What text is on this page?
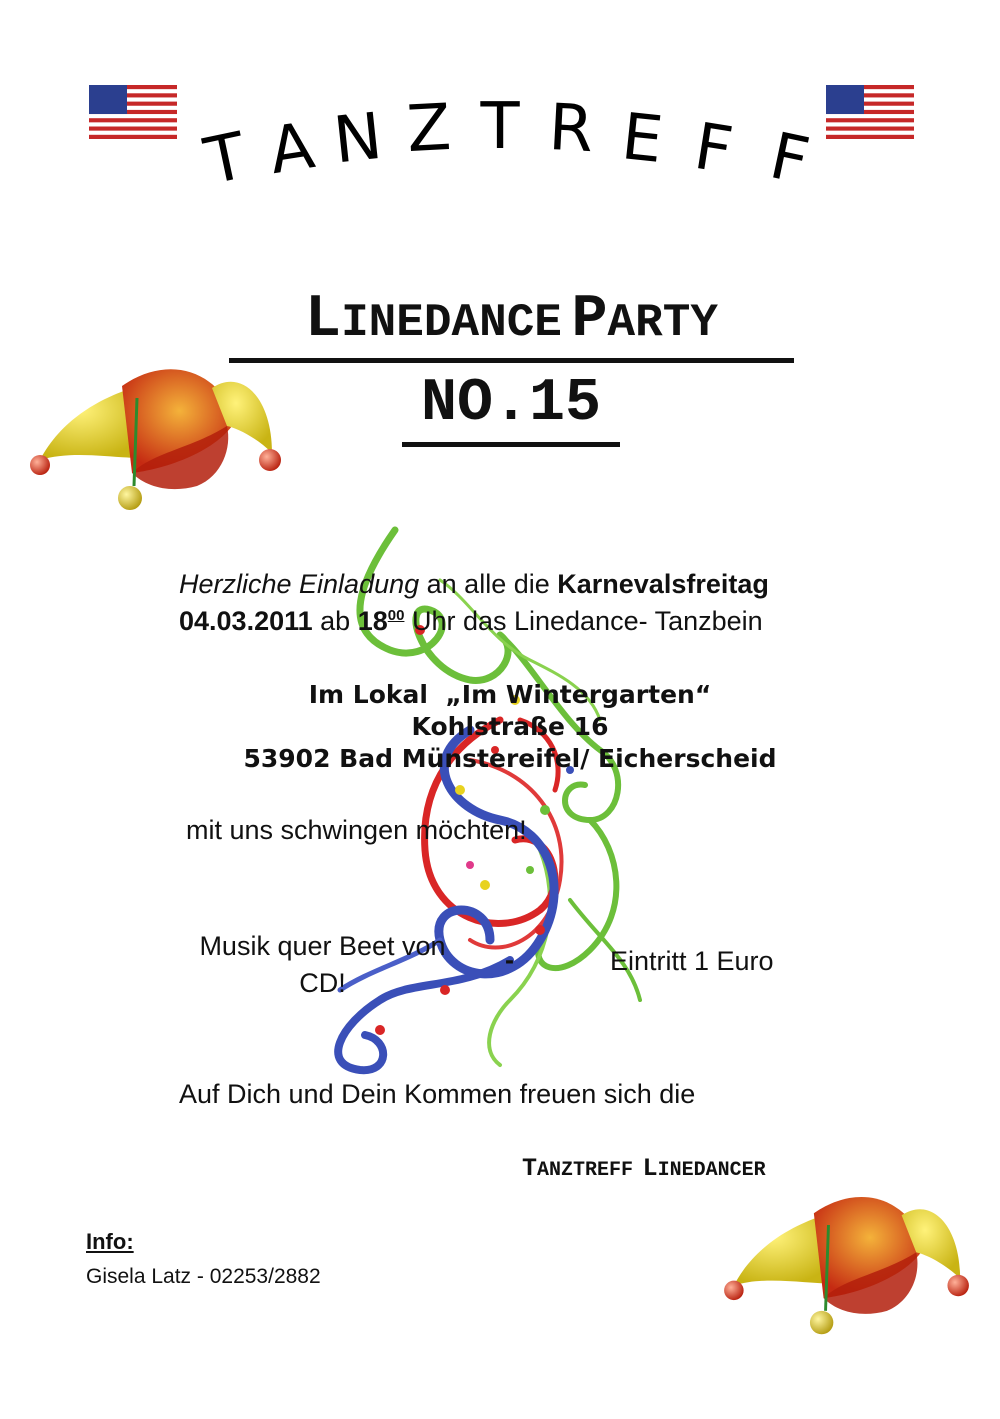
T A N Z T R E F F
LINEDANCE PARTY
NO.15
Herzliche Einladung an alle die Karnevalsfreitag
04.03.2011 ab $18^{00}$ Uhr das Linedance- Tanzbein
Im Lokal  „Im Wintergarten“
Kohlstraße 16
53902 Bad Münstereifel/ Eicherscheid
mit uns schwingen möchten!
Musik quer Beet von
CD!
-	Eintritt 1 Euro
Auf Dich und Dein Kommen freuen sich die
TANZTREFF LINEDANCER
Info:
Gisela Latz - 02253/2882
